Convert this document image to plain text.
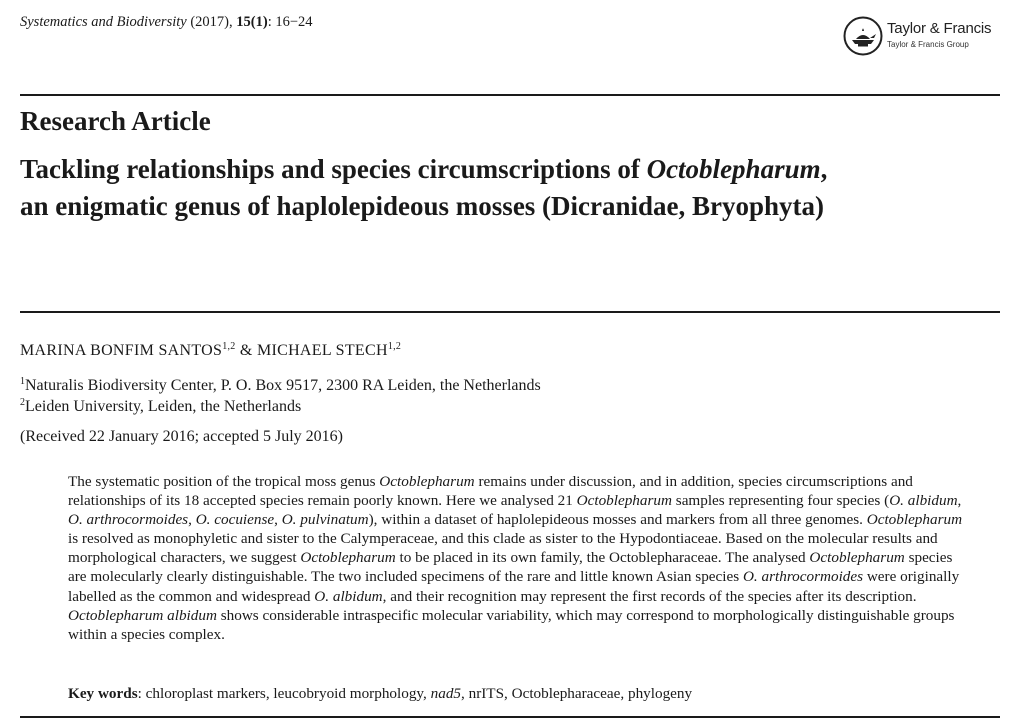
Systematics and Biodiversity (2017), 15(1): 16−24	Taylor & Francis
Taylor & Francis Group
Research Article
Tackling relationships and species circumscriptions of Octoblepharum,
an enigmatic genus of haplolepideous mosses (Dicranidae, Bryophyta)
MARINA BONFIM SANTOS$^{1,2}$ & MICHAEL STECH$^{1,2}$
$^1$Naturalis Biodiversity Center, P. O. Box 9517, 2300 RA Leiden, the Netherlands
$^2$Leiden University, Leiden, the Netherlands
(Received 22 January 2016; accepted 5 July 2016)
The systematic position of the tropical moss genus Octoblepharum remains under discussion, and in addition, species circumscriptions and relationships of its 18 accepted species remain poorly known. Here we analysed 21 Octoblepharum samples representing four species (O. albidum, O. arthrocormoides, O. cocuiense, O. pulvinatum), within a dataset of haplolepideous mosses and markers from all three genomes. Octoblepharum is resolved as monophyletic and sister to the Calymperaceae, and this clade as sister to the Hypodontiaceae. Based on the molecular results and morphological characters, we suggest Octoblepharum to be placed in its own family, the Octoblepharaceae. The analysed Octoblepharum species are molecularly clearly distinguishable. The two included specimens of the rare and little known Asian species O. arthrocormoides were originally labelled as the common and widespread O. albidum, and their recognition may represent the first records of the species after its description. Octoblepharum albidum shows considerable intraspecific molecular variability, which may correspond to morphologically distinguishable groups within a species complex.
Key words: chloroplast markers, leucobryoid morphology, nad5, nrITS, Octoblepharaceae, phylogeny
